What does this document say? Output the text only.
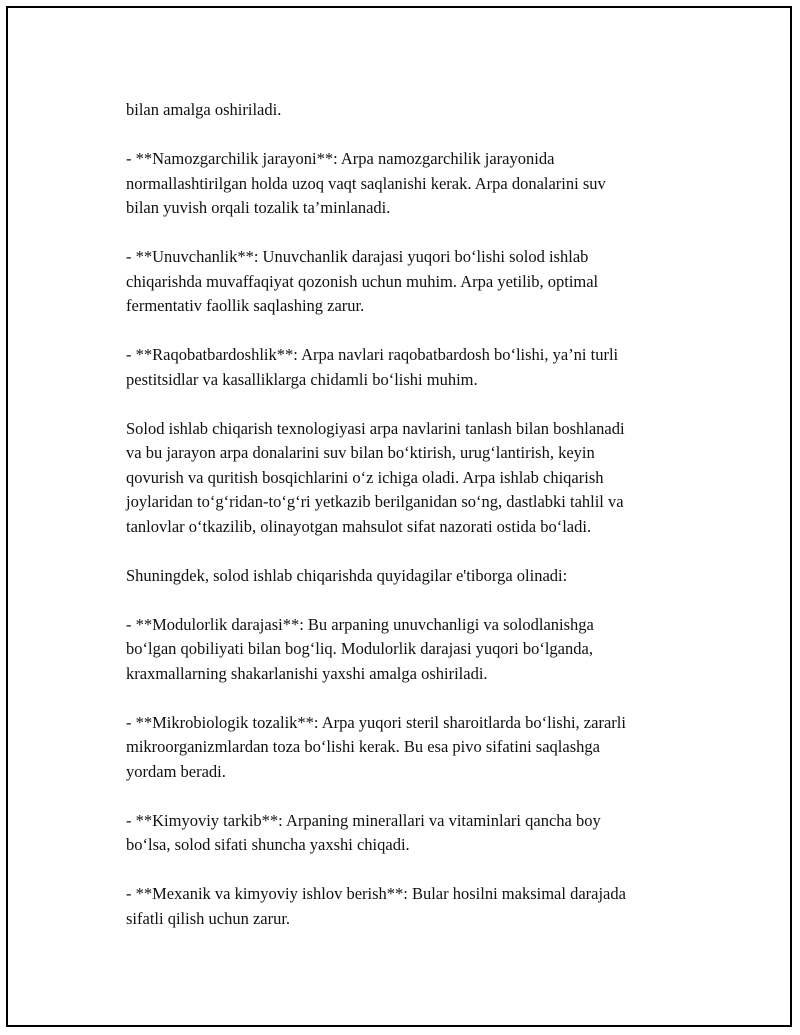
bilan amalga oshiriladi.

- **Namozgarchilik jarayoni**: Arpa namozgarchilik jarayonida
normallashtirilgan holda uzoq vaqt saqlanishi kerak. Arpa donalarini suv
bilan yuvish orqali tozalik ta’minlanadi.

- **Unuvchanlik**: Unuvchanlik darajasi yuqori bo‘lishi solod ishlab
chiqarishda muvaffaqiyat qozonish uchun muhim. Arpa yetilib, optimal
fermentativ faollik saqlashing zarur.

- **Raqobatbardoshlik**: Arpa navlari raqobatbardosh bo‘lishi, ya’ni turli
pestitsidlar va kasalliklarga chidamli bo‘lishi muhim.

Solod ishlab chiqarish texnologiyasi arpa navlarini tanlash bilan boshlanadi
va bu jarayon arpa donalarini suv bilan bo‘ktirish, urug‘lantirish, keyin
qovurish va quritish bosqichlarini o‘z ichiga oladi. Arpa ishlab chiqarish
joylaridan to‘g‘ridan-to‘g‘ri yetkazib berilganidan so‘ng, dastlabki tahlil va
tanlovlar o‘tkazilib, olinayotgan mahsulot sifat nazorati ostida bo‘ladi.

Shuningdek, solod ishlab chiqarishda quyidagilar e'tiborga olinadi:

- **Modulorlik darajasi**: Bu arpaning unuvchanligi va solodlanishga
bo‘lgan qobiliyati bilan bog‘liq. Modulorlik darajasi yuqori bo‘lganda,
kraxmallarning shakarlanishi yaxshi amalga oshiriladi.

- **Mikrobiologik tozalik**: Arpa yuqori steril sharoitlarda bo‘lishi, zararli
mikroorganizmlardan toza bo‘lishi kerak. Bu esa pivo sifatini saqlashga
yordam beradi.

- **Kimyoviy tarkib**: Arpaning minerallari va vitaminlari qancha boy
bo‘lsa, solod sifati shuncha yaxshi chiqadi.

- **Mexanik va kimyoviy ishlov berish**: Bular hosilni maksimal darajada
sifatli qilish uchun zarur.
